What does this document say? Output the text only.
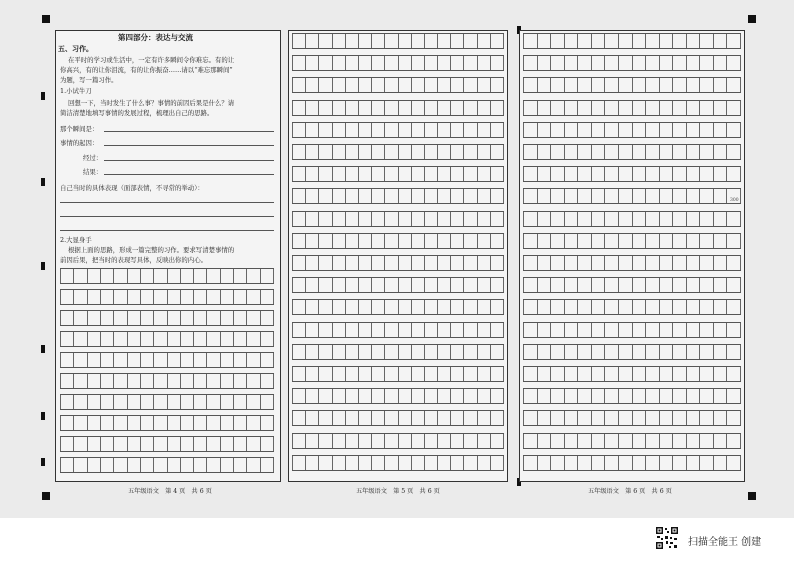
第四部分：表达与交流
五、习作。
在平时的学习或生活中，一定有许多瞬间令你难忘。有的让
你高兴，有的让你泪流，有的让你振奋……请以“难忘那瞬间”
为题，写一篇习作。
1.小试牛刀
回想一下，当时发生了什么事？事情的前因后果是什么？请
简洁清楚地填写事情的发展过程，梳理出自己的思路。
那个瞬间是：
事情的起因：
经过：
结果：
自己当时的具体表现（面部表情，不寻常的举动）：
2.大显身手
根据上面的思路，形成一篇完整的习作。要求写清楚事情的
前因后果，把当时的表现写具体，反映出你的内心。
300
五年级语文　第 4 页　共 6 页	五年级语文　第 5 页　共 6 页	五年级语文　第 6 页　共 6 页
扫描全能王 创建
